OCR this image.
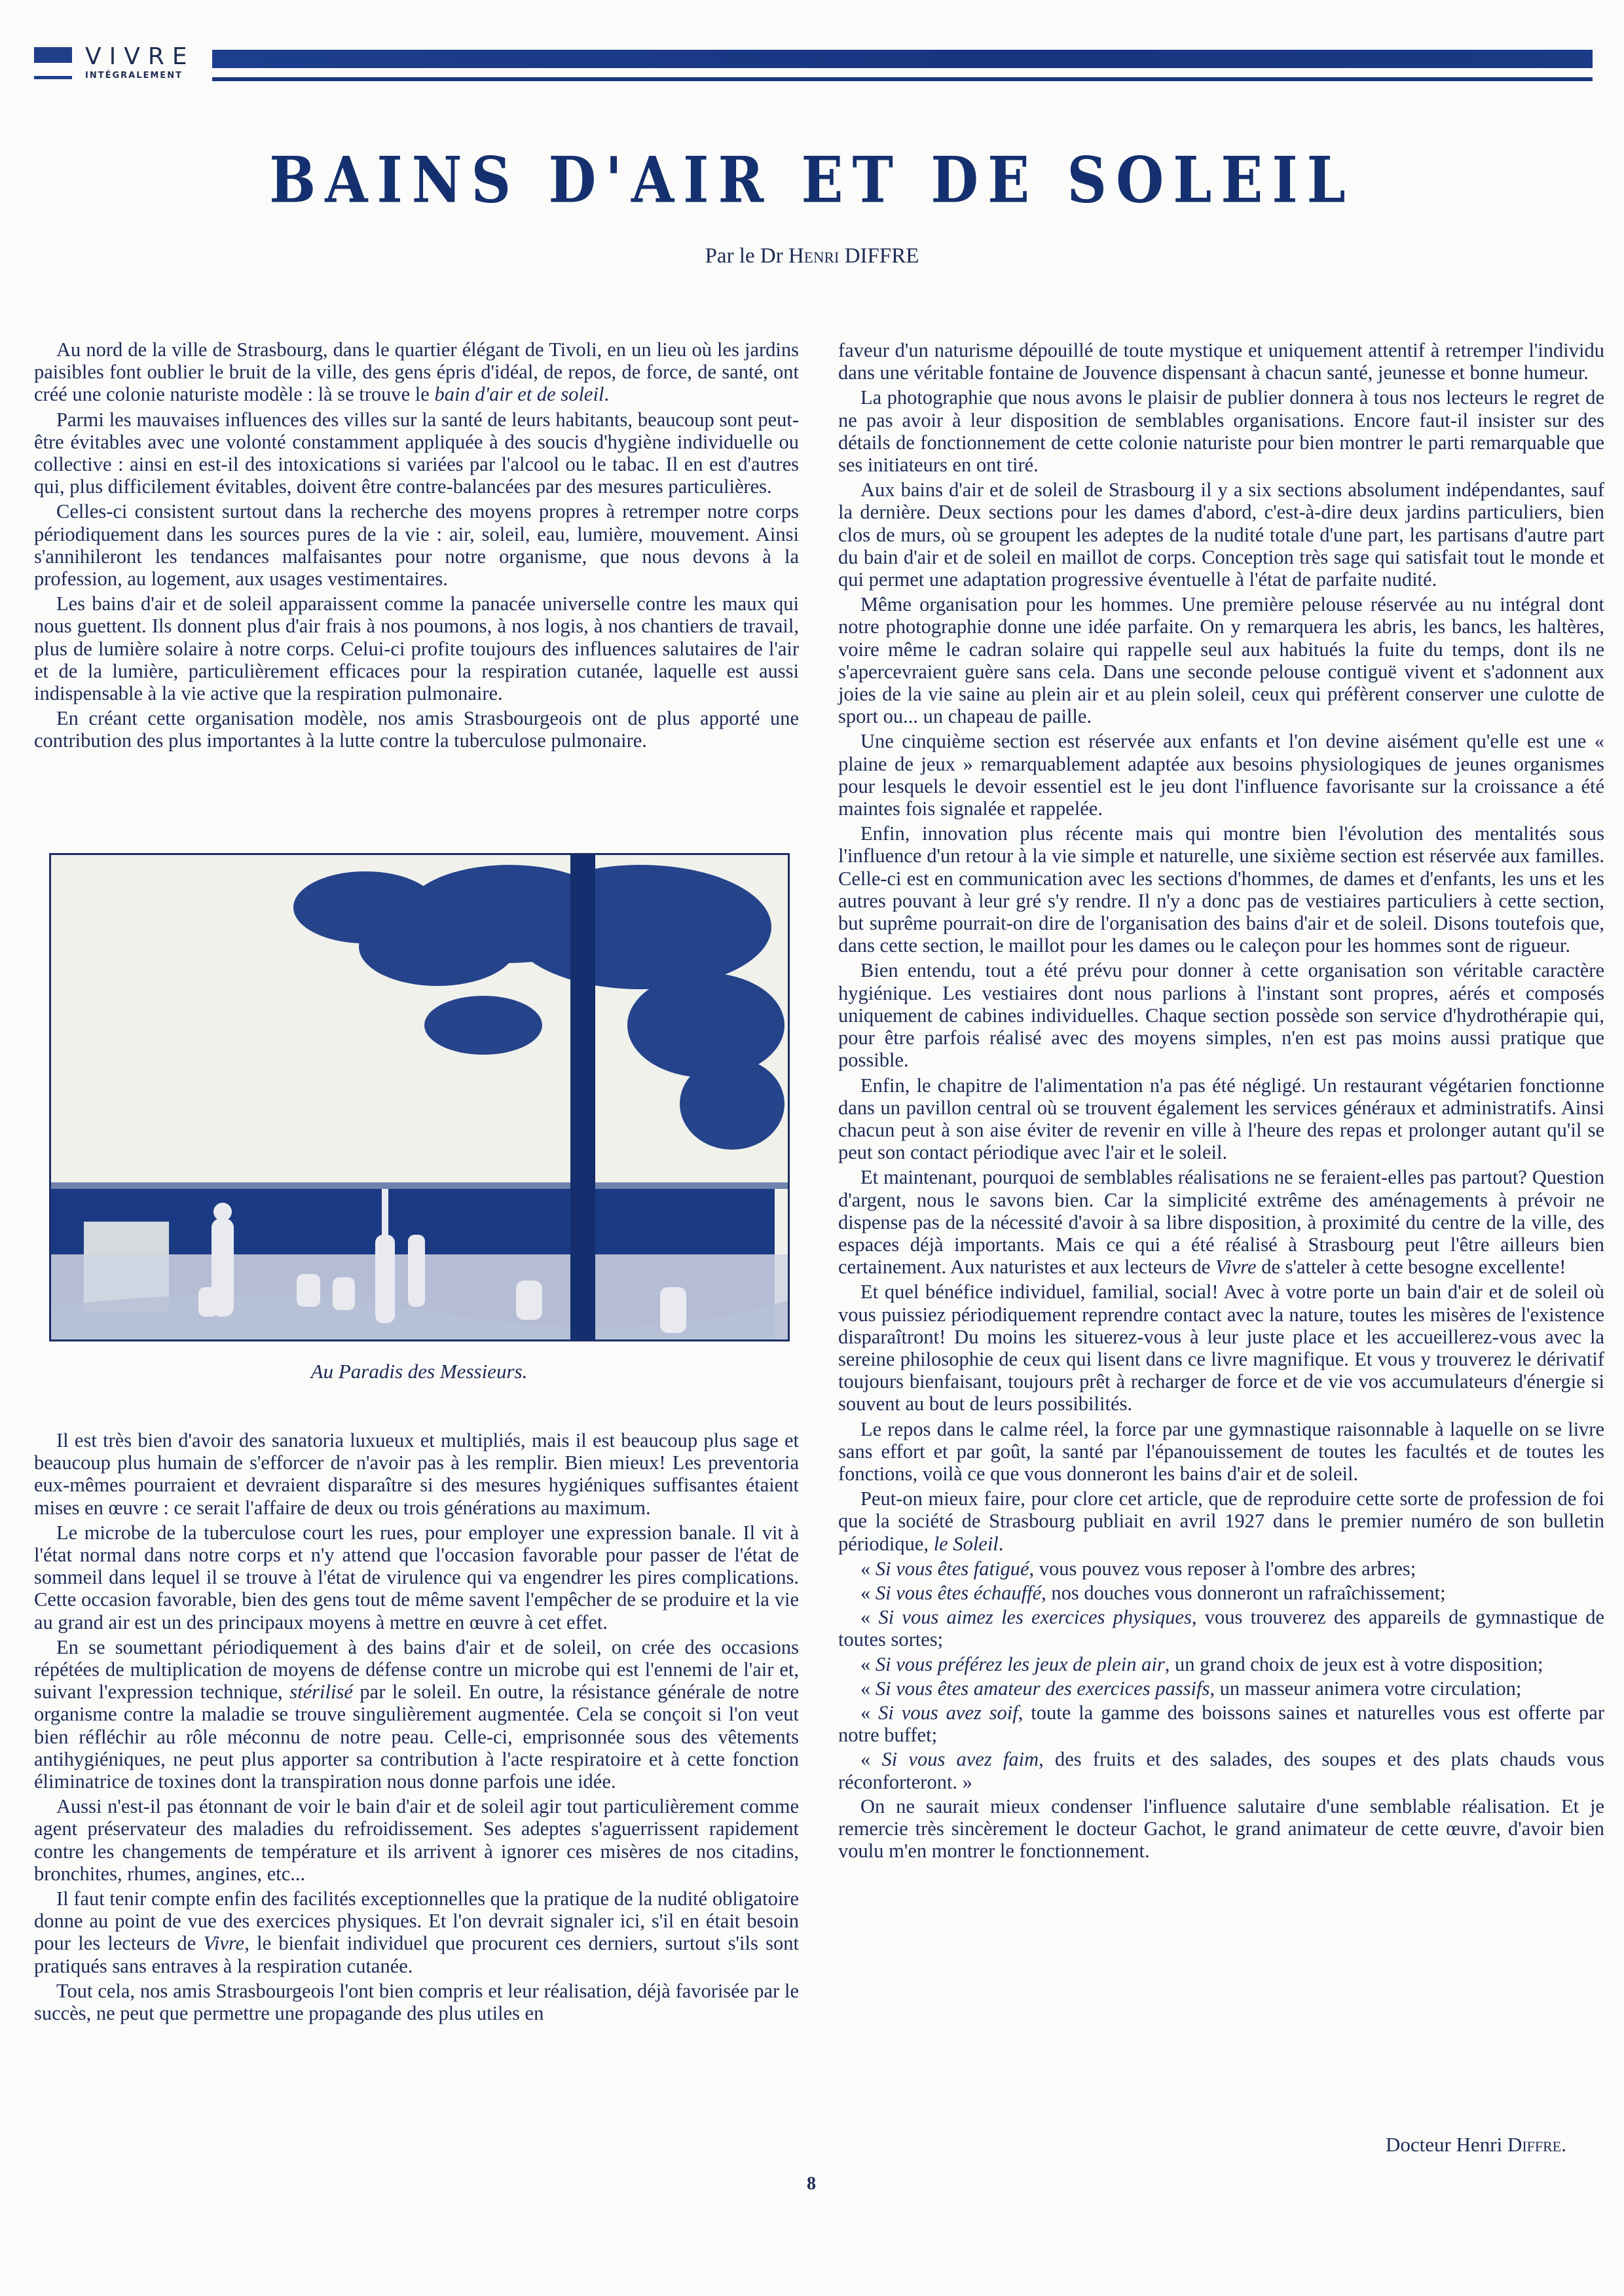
VIVRE
INTÉGRALEMENT
BAINS D'AIR ET DE SOLEIL
Par le Dr Henri DIFFRE

Au nord de la ville de Strasbourg, dans le quartier élégant de Tivoli, en un lieu où les jardins paisibles font oublier le bruit de la ville, des gens épris d'idéal, de repos, de force, de santé, ont créé une colonie naturiste modèle : là se trouve le bain d'air et de soleil.

Parmi les mauvaises influences des villes sur la santé de leurs habitants, beaucoup sont peut-être évitables avec une volonté constamment appliquée à des soucis d'hygiène individuelle ou collective : ainsi en est-il des intoxications si variées par l'alcool ou le tabac. Il en est d'autres qui, plus difficilement évitables, doivent être contre-balancées par des mesures particulières.

Celles-ci consistent surtout dans la recherche des moyens propres à retremper notre corps périodiquement dans les sources pures de la vie : air, soleil, eau, lumière, mouvement. Ainsi s'annihileront les tendances malfaisantes pour notre organisme, que nous devons à la profession, au logement, aux usages vestimentaires.

Les bains d'air et de soleil apparaissent comme la panacée universelle contre les maux qui nous guettent. Ils donnent plus d'air frais à nos poumons, à nos logis, à nos chantiers de travail, plus de lumière solaire à notre corps. Celui-ci profite toujours des influences salutaires de l'air et de la lumière, particulièrement efficaces pour la respiration cutanée, laquelle est aussi indispensable à la vie active que la respiration pulmonaire.

En créant cette organisation modèle, nos amis Strasbourgeois ont de plus apporté une contribution des plus importantes à la lutte contre la tuberculose pulmonaire.

Au Paradis des Messieurs.

Il est très bien d'avoir des sanatoria luxueux et multipliés, mais il est beaucoup plus sage et beaucoup plus humain de s'efforcer de n'avoir pas à les remplir. Bien mieux! Les preventoria eux-mêmes pourraient et devraient disparaître si des mesures hygiéniques suffisantes étaient mises en œuvre : ce serait l'affaire de deux ou trois générations au maximum.

Le microbe de la tuberculose court les rues, pour employer une expression banale. Il vit à l'état normal dans notre corps et n'y attend que l'occasion favorable pour passer de l'état de sommeil dans lequel il se trouve à l'état de virulence qui va engendrer les pires complications. Cette occasion favorable, bien des gens tout de même savent l'empêcher de se produire et la vie au grand air est un des principaux moyens à mettre en œuvre à cet effet.

En se soumettant périodiquement à des bains d'air et de soleil, on crée des occasions répétées de multiplication de moyens de défense contre un microbe qui est l'ennemi de l'air et, suivant l'expression technique, stérilisé par le soleil. En outre, la résistance générale de notre organisme contre la maladie se trouve singulièrement augmentée. Cela se conçoit si l'on veut bien réfléchir au rôle méconnu de notre peau. Celle-ci, emprisonnée sous des vêtements antihygiéniques, ne peut plus apporter sa contribution à l'acte respiratoire et à cette fonction éliminatrice de toxines dont la transpiration nous donne parfois une idée.

Aussi n'est-il pas étonnant de voir le bain d'air et de soleil agir tout particulièrement comme agent préservateur des maladies du refroidissement. Ses adeptes s'aguerrissent rapidement contre les changements de température et ils arrivent à ignorer ces misères de nos citadins, bronchites, rhumes, angines, etc...

Il faut tenir compte enfin des facilités exceptionnelles que la pratique de la nudité obligatoire donne au point de vue des exercices physiques. Et l'on devrait signaler ici, s'il en était besoin pour les lecteurs de Vivre, le bienfait individuel que procurent ces derniers, surtout s'ils sont pratiqués sans entraves à la respiration cutanée.

Tout cela, nos amis Strasbourgeois l'ont bien compris et leur réalisation, déjà favorisée par le succès, ne peut que permettre une propagande des plus utiles en

faveur d'un naturisme dépouillé de toute mystique et uniquement attentif à retremper l'individu dans une véritable fontaine de Jouvence dispensant à chacun santé, jeunesse et bonne humeur.

La photographie que nous avons le plaisir de publier donnera à tous nos lecteurs le regret de ne pas avoir à leur disposition de semblables organisations. Encore faut-il insister sur des détails de fonctionnement de cette colonie naturiste pour bien montrer le parti remarquable que ses initiateurs en ont tiré.

Aux bains d'air et de soleil de Strasbourg il y a six sections absolument indépendantes, sauf la dernière. Deux sections pour les dames d'abord, c'est-à-dire deux jardins particuliers, bien clos de murs, où se groupent les adeptes de la nudité totale d'une part, les partisans d'autre part du bain d'air et de soleil en maillot de corps. Conception très sage qui satisfait tout le monde et qui permet une adaptation progressive éventuelle à l'état de parfaite nudité.

Même organisation pour les hommes. Une première pelouse réservée au nu intégral dont notre photographie donne une idée parfaite. On y remarquera les abris, les bancs, les haltères, voire même le cadran solaire qui rappelle seul aux habitués la fuite du temps, dont ils ne s'apercevraient guère sans cela. Dans une seconde pelouse contiguë vivent et s'adonnent aux joies de la vie saine au plein air et au plein soleil, ceux qui préfèrent conserver une culotte de sport ou... un chapeau de paille.

Une cinquième section est réservée aux enfants et l'on devine aisément qu'elle est une « plaine de jeux » remarquablement adaptée aux besoins physiologiques de jeunes organismes pour lesquels le devoir essentiel est le jeu dont l'influence favorisante sur la croissance a été maintes fois signalée et rappelée.

Enfin, innovation plus récente mais qui montre bien l'évolution des mentalités sous l'influence d'un retour à la vie simple et naturelle, une sixième section est réservée aux familles. Celle-ci est en communication avec les sections d'hommes, de dames et d'enfants, les uns et les autres pouvant à leur gré s'y rendre. Il n'y a donc pas de vestiaires particuliers à cette section, but suprême pourrait-on dire de l'organisation des bains d'air et de soleil. Disons toutefois que, dans cette section, le maillot pour les dames ou le caleçon pour les hommes sont de rigueur.

Bien entendu, tout a été prévu pour donner à cette organisation son véritable caractère hygiénique. Les vestiaires dont nous parlions à l'instant sont propres, aérés et composés uniquement de cabines individuelles. Chaque section possède son service d'hydrothérapie qui, pour être parfois réalisé avec des moyens simples, n'en est pas moins aussi pratique que possible.

Enfin, le chapitre de l'alimentation n'a pas été négligé. Un restaurant végétarien fonctionne dans un pavillon central où se trouvent également les services généraux et administratifs. Ainsi chacun peut à son aise éviter de revenir en ville à l'heure des repas et prolonger autant qu'il se peut son contact périodique avec l'air et le soleil.

Et maintenant, pourquoi de semblables réalisations ne se feraient-elles pas partout? Question d'argent, nous le savons bien. Car la simplicité extrême des aménagements à prévoir ne dispense pas de la nécessité d'avoir à sa libre disposition, à proximité du centre de la ville, des espaces déjà importants. Mais ce qui a été réalisé à Strasbourg peut l'être ailleurs bien certainement. Aux naturistes et aux lecteurs de Vivre de s'atteler à cette besogne excellente!

Et quel bénéfice individuel, familial, social! Avec à votre porte un bain d'air et de soleil où vous puissiez périodiquement reprendre contact avec la nature, toutes les misères de l'existence disparaîtront! Du moins les situerez-vous à leur juste place et les accueillerez-vous avec la sereine philosophie de ceux qui lisent dans ce livre magnifique. Et vous y trouverez le dérivatif toujours bienfaisant, toujours prêt à recharger de force et de vie vos accumulateurs d'énergie si souvent au bout de leurs possibilités.

Le repos dans le calme réel, la force par une gymnastique raisonnable à laquelle on se livre sans effort et par goût, la santé par l'épanouissement de toutes les facultés et de toutes les fonctions, voilà ce que vous donneront les bains d'air et de soleil.

Peut-on mieux faire, pour clore cet article, que de reproduire cette sorte de profession de foi que la société de Strasbourg publiait en avril 1927 dans le premier numéro de son bulletin périodique, le Soleil.

« Si vous êtes fatigué, vous pouvez vous reposer à l'ombre des arbres;

« Si vous êtes échauffé, nos douches vous donneront un rafraîchissement;

« Si vous aimez les exercices physiques, vous trouverez des appareils de gymnastique de toutes sortes;

« Si vous préférez les jeux de plein air, un grand choix de jeux est à votre disposition;

« Si vous êtes amateur des exercices passifs, un masseur animera votre circulation;

« Si vous avez soif, toute la gamme des boissons saines et naturelles vous est offerte par notre buffet;

« Si vous avez faim, des fruits et des salades, des soupes et des plats chauds vous réconforteront. »

On ne saurait mieux condenser l'influence salutaire d'une semblable réalisation. Et je remercie très sincèrement le docteur Gachot, le grand animateur de cette œuvre, d'avoir bien voulu m'en montrer le fonctionnement.

Docteur Henri Diffre.
8
